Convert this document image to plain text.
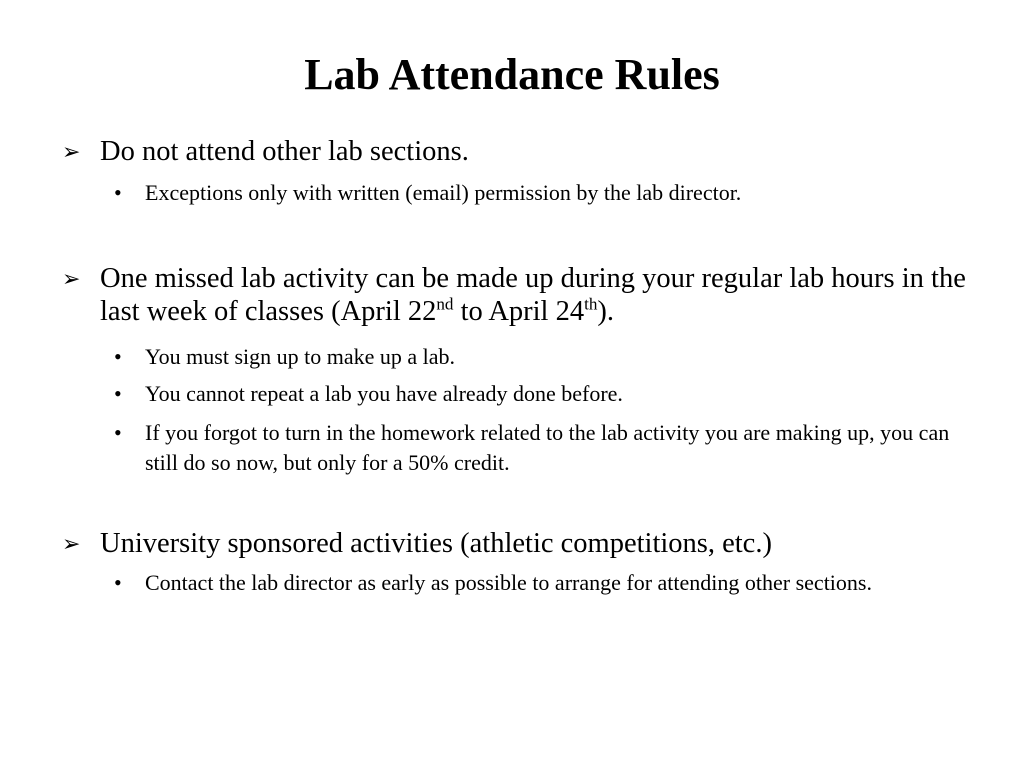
Lab Attendance Rules
➢ Do not attend other lab sections.
•	Exceptions only with written (email) permission by the lab director.
➢ One missed lab activity can be made up during your regular lab hours in the last week of classes (April 22nd to April 24th).
•	You must sign up to make up a lab.
•	You cannot repeat a lab you have already done before.
•	If you forgot to turn in the homework related to the lab activity you are making up, you can still do so now, but only for a 50% credit.
➢ University sponsored activities (athletic competitions, etc.)
•	Contact the lab director as early as possible to arrange for attending other sections.
